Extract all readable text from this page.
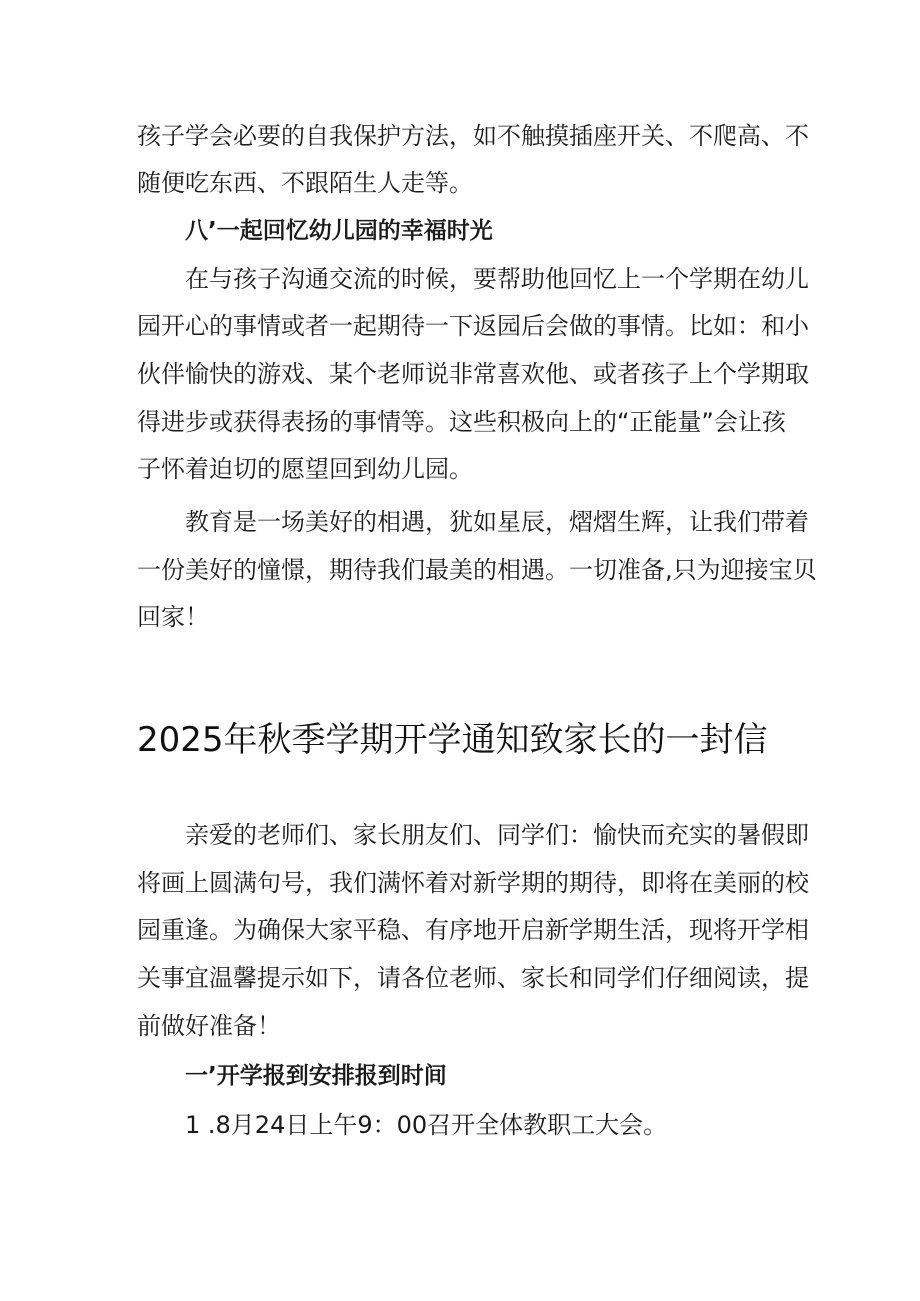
孩子学会必要的自我保护方法，如不触摸插座开关、不爬高、不
随便吃东西、不跟陌生人走等。
八’一起回忆幼儿园的幸福时光
在与孩子沟通交流的时候，要帮助他回忆上一个学期在幼儿
园开心的事情或者一起期待一下返园后会做的事情。比如：和小
伙伴愉快的游戏、某个老师说非常喜欢他、或者孩子上个学期取
得进步或获得表扬的事情等。这些积极向上的“正能量”会让孩
子怀着迫切的愿望回到幼儿园。
教育是一场美好的相遇，犹如星辰，熠熠生辉，让我们带着
一份美好的憧憬，期待我们最美的相遇。一切准备,只为迎接宝贝
回家！
2025年秋季学期开学通知致家长的一封信
亲爱的老师们、家长朋友们、同学们：愉快而充实的暑假即
将画上圆满句号，我们满怀着对新学期的期待，即将在美丽的校
园重逢。为确保大家平稳、有序地开启新学期生活，现将开学相
关事宜温馨提示如下，请各位老师、家长和同学们仔细阅读，提
前做好准备！
一’开学报到安排报到时间
1 .8月24日上午9：00召开全体教职工大会。
